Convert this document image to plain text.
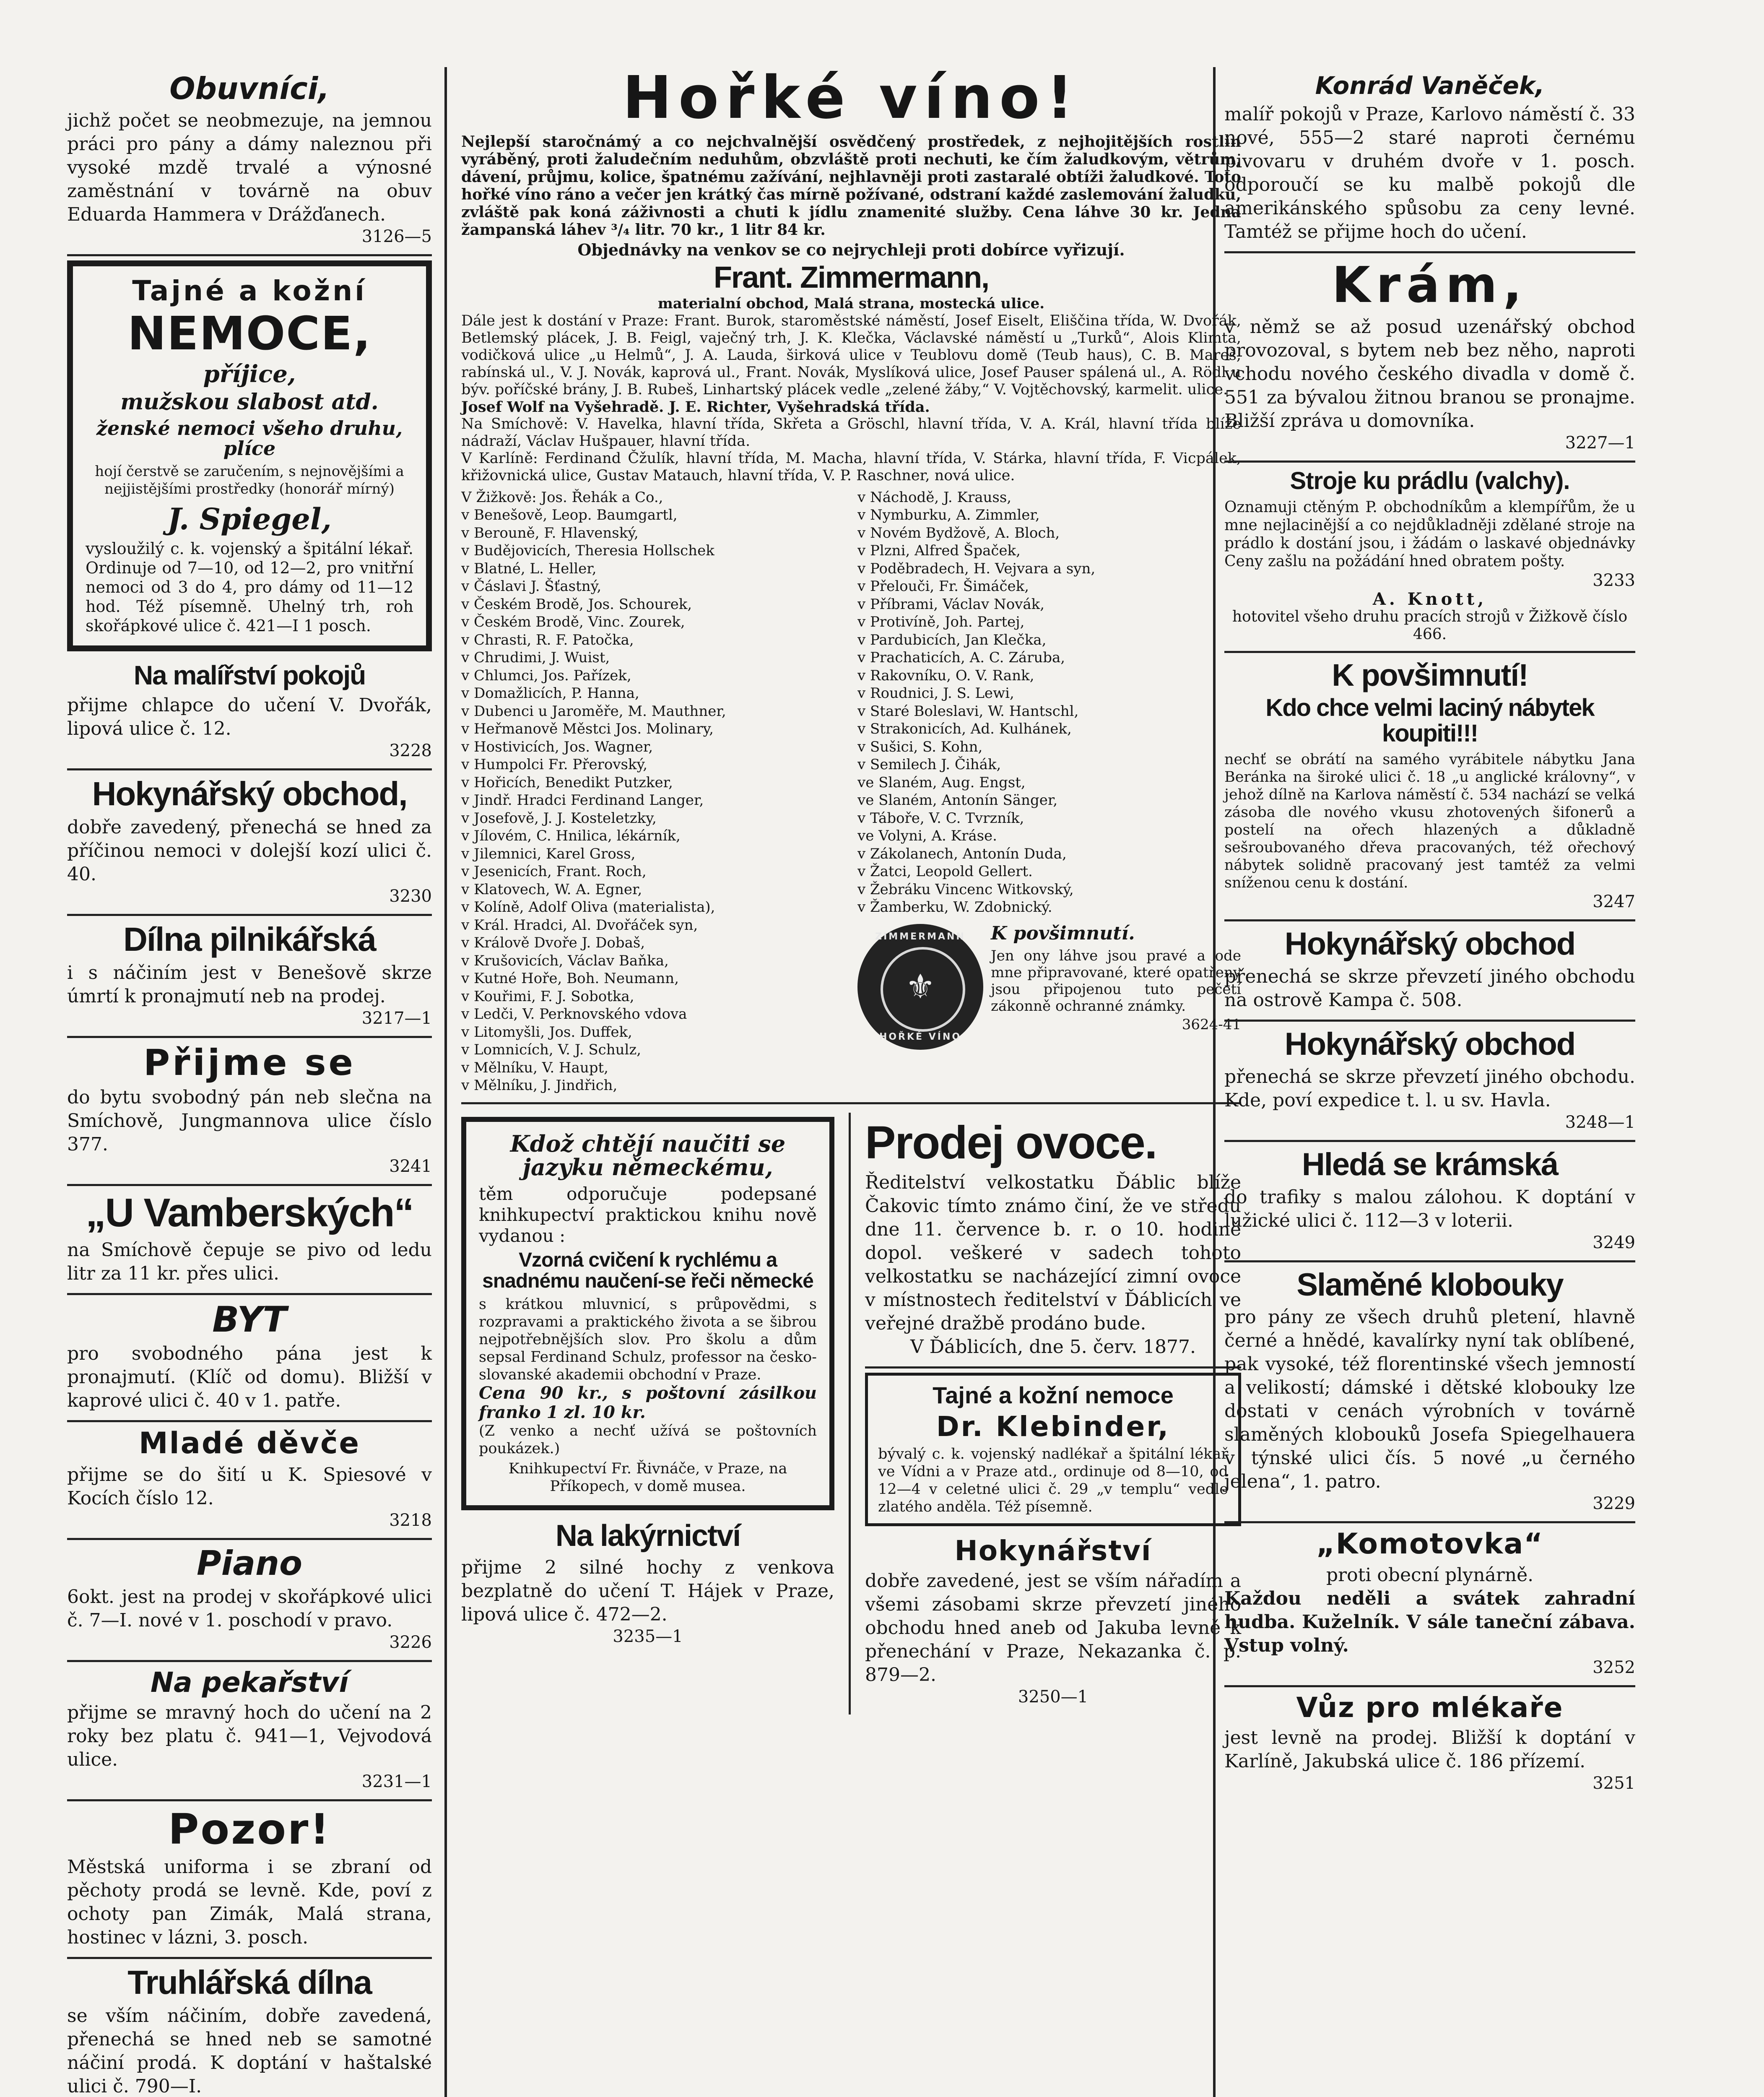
Obuvníci,
jichž počet se neobmezuje, na jemnou práci pro pány a dámy naleznou při vysoké mzdě trvalé a výnosné zaměstnání v továrně na obuv Eduarda Hammera v Drážďanech.
3126—5
Tajné a kožní
NEMOCE,
příjice,
mužskou slabost atd.
ženské nemoci všeho druhu, plíce
hojí čerstvě se zaručením, s nejnovějšími a nejjistějšími prostředky (honorář mírný)
J. Spiegel,
vysloužilý c. k. vojenský a špitální lékař. Ordinuje od 7—10, od 12—2, pro vnitřní nemoci od 3 do 4, pro dámy od 11—12 hod. Též písemně. Uhelný trh, roh skořápkové ulice č. 421—I 1 posch.
Na malířství pokojů
přijme chlapce do učení V. Dvořák, lipová ulice č. 12.
3228
Hokynářský obchod,
dobře zavedený, přenechá se hned za příčinou nemoci v dolejší kozí ulici č. 40.
3230
Dílna pilnikářská
i s náčiním jest v Benešově skrze úmrtí k pronajmutí neb na prodej.
3217—1
Přijme se
do bytu svobodný pán neb slečna na Smíchově, Jungmannova ulice číslo 377.
3241
„U Vamberských“
na Smíchově čepuje se pivo od ledu litr za 11 kr. přes ulici.
BYT
pro svobodného pána jest k pronajmutí. (Klíč od domu). Bližší v kaprové ulici č. 40 v 1. patře.
Mladé děvče
přijme se do šití u K. Spiesové v Kocích číslo 12.
3218
Piano
6okt. jest na prodej v skořápkové ulici č. 7—I. nové v 1. poschodí v pravo.
3226
Na pekařství
přijme se mravný hoch do učení na 2 roky bez platu č. 941—1, Vejvodová ulice.
3231—1
Pozor!
Městská uniforma i se zbraní od pěchoty prodá se levně. Kde, poví z ochoty pan Zimák, Malá strana, hostinec v lázni, 3. posch.
Truhlářská dílna
se vším náčiním, dobře zavedená, přenechá se hned neb se samotné náčiní prodá. K doptání v haštalské ulici č. 790—I.
Hořké víno!
Nejlepší staročnámý a co nejchvalnější osvědčený prostředek, z nejhojitějších rostlin vyráběný, proti žaludečním neduhům, obzvláště proti nechuti, ke čím žaludkovým, větrům, dávení, průjmu, kolice, špatnému zažívání, nejhlavněji proti zastaralé obtíži žaludkové. Toto hořké víno ráno a večer jen krátký čas mírně požívané, odstraní každé zaslemování žaludku, zvláště pak koná záživnosti a chuti k jídlu znamenité služby. Cena láhve 30 kr. Jedna žampanská láhev ³/₄ litr. 70 kr., 1 litr 84 kr.
Objednávky na venkov se co nejrychleji proti dobírce vyřizují.
Frant. Zimmermann,
materialní obchod, Malá strana, mostecká ulice.
Dále jest k dostání v Praze: Frant. Burok, staroměstské náměstí, Josef Eiselt, Eliščina třída, W. Dvořák, Betlemský plácek, J. B. Feigl, vaječný trh, J. K. Klečka, Václavské náměstí u „Turků“, Alois Klimta, vodičková ulice „u Helmů“, J. A. Lauda, širková ulice v Teublovu domě (Teub haus), C. B. Mareš, rabínská ul., V. J. Novák, kaprová ul., Frant. Novák, Myslíková ulice, Josef Pauser spálená ul., A. Rödl u býv. poříčské brány, J. B. Rubeš, Linhartský plácek vedle „zelené žáby,“ V. Vojtěchovský, karmelit. ulice.
Josef Wolf na Vyšehradě. J. E. Richter, Vyšehradská třída.
Na Smíchově: V. Havelka, hlavní třída, Skřeta a Gröschl, hlavní třída, V. A. Král, hlavní třída blíže nádraží, Václav Hušpauer, hlavní třída.
V Karlíně: Ferdinand Čžulík, hlavní třída, M. Macha, hlavní třída, V. Stárka, hlavní třída, F. Vicpálek, křižovnická ulice, Gustav Matauch, hlavní třída, V. P. Raschner, nová ulice.
V Žižkově: Jos. Řehák a Co.,
v Benešově, Leop. Baumgartl,
v Berouně, F. Hlavenský,
v Budějovicích, Theresia Hollschek
v Blatné, L. Heller,
v Čáslavi J. Šťastný,
v Českém Brodě, Jos. Schourek,
v Českém Brodě, Vinc. Zourek,
v Chrasti, R. F. Patočka,
v Chrudimi, J. Wuist,
v Chlumci, Jos. Pařízek,
v Domažlicích, P. Hanna,
v Dubenci u Jaroměře, M. Mauthner,
v Heřmanově Městci Jos. Molinary,
v Hostivicích, Jos. Wagner,
v Humpolci Fr. Přerovský,
v Hořicích, Benedikt Putzker,
v Jindř. Hradci Ferdinand Langer,
v Josefově, J. J. Kosteletzky,
v Jílovém, C. Hnilica, lékárník,
v Jilemnici, Karel Gross,
v Jesenicích, Frant. Roch,
v Klatovech, W. A. Egner,
v Kolíně, Adolf Oliva (materialista),
v Král. Hradci, Al. Dvořáček syn,
v Králově Dvoře J. Dobaš,
v Krušovicích, Václav Baňka,
v Kutné Hoře, Boh. Neumann,
v Kouřimi, F. J. Sobotka,
v Ledči, V. Perknovského vdova
v Litomyšli, Jos. Duffek,
v Lomnicích, V. J. Schulz,
v Mělníku, V. Haupt,
v Mělníku, J. Jindřich,
v Náchodě, J. Krauss,
v Nymburku, A. Zimmler,
v Novém Bydžově, A. Bloch,
v Plzni, Alfred Špaček,
v Poděbradech, H. Vejvara a syn,
v Přelouči, Fr. Šimáček,
v Příbrami, Václav Novák,
v Protivíně, Joh. Partej,
v Pardubicích, Jan Klečka,
v Prachaticích, A. C. Záruba,
v Rakovníku, O. V. Rank,
v Roudnici, J. S. Lewi,
v Staré Boleslavi, W. Hantschl,
v Strakonicích, Ad. Kulhánek,
v Sušici, S. Kohn,
v Semilech J. Čihák,
ve Slaném, Aug. Engst,
ve Slaném, Antonín Sänger,
v Táboře, V. C. Tvrzník,
ve Volyni, A. Kráse.
v Zákolanech, Antonín Duda,
v Žatci, Leopold Gellert.
v Žebráku Vincenc Witkovský,
v Žamberku, W. Zdobnický.
ZIMMERMANN
⚜
HOŘKÉ VÍNO
K povšimnutí.
Jen ony láhve jsou pravé a ode mne připravované, které opatřeny jsou připojenou tuto pečetí zákonně ochranné známky.
3624-41
Kdož chtějí naučiti se jazyku německému,
těm odporučuje podepsané knihkupectví praktickou knihu nově vydanou :
Vzorná cvičení k rychlému a snadnému naučení-se řeči německé
s krátkou mluvnicí, s průpovědmi, s rozpravami a praktického života a se šibrou nejpotřebnějších slov. Pro školu a dům sepsal Ferdinand Schulz, professor na česko-slovanské akademii obchodní v Praze.
Cena 90 kr., s poštovní zásilkou franko 1 zl. 10 kr.
(Z venko a nechť užívá se poštovních poukázek.)
Knihkupectví Fr. Řivnáče, v Praze, na Příkopech, v domě musea.
Na lakýrnictví
přijme 2 silné hochy z venkova bezplatně do učení T. Hájek v Praze, lipová ulice č. 472—2.
3235—1
Prodej ovoce.
Ředitelství velkostatku Ďáblic blíže Čakovic tímto známo činí, že ve středu dne 11. července b. r. o 10. hodině dopol. veškeré v sadech tohoto velkostatku se nacházející zimní ovoce v místnostech ředitelství v Ďáblicích ve veřejné dražbě prodáno bude.
V Ďáblicích, dne 5. červ. 1877.
Tajné a kožní nemoce
Dr. Klebinder,
bývalý c. k. vojenský nadlékař a špitální lékař ve Vídni a v Praze atd., ordinuje od 8—10, od 12—4 v celetné ulici č. 29 „v templu“ vedle zlatého anděla. Též písemně.
Hokynářství
dobře zavedené, jest se vším nářadím a všemi zásobami skrze převzetí jiného obchodu hned aneb od Jakuba levně k přenechání v Praze, Nekazanka č. p. 879—2.
3250—1
Konrád Vaněček,
malíř pokojů v Praze, Karlovo náměstí č. 33 nové, 555—2 staré naproti černému pivovaru v druhém dvoře v 1. posch. odporoučí se ku malbě pokojů dle amerikánského spůsobu za ceny levné. Tamtéž se přijme hoch do učení.
Krám,
v němž se až posud uzenářský obchod provozoval, s bytem neb bez něho, naproti vchodu nového českého divadla v domě č. 551 za bývalou žitnou branou se pronajme. Bližší zpráva u domovníka.
3227—1
Stroje ku prádlu (valchy).
Oznamuji ctěným P. obchodníkům a klempířům, že u mne nejlacinější a co nejdůkladněji zdělané stroje na prádlo k dostání jsou, i žádám o laskavé objednávky Ceny zašlu na požádání hned obratem pošty.
3233
A. Knott,
hotovitel všeho druhu pracích strojů v Žižkově číslo 466.
K povšimnutí!
Kdo chce velmi laciný nábytek koupiti!!!
nechť se obrátí na samého vyrábitele nábytku Jana Beránka na široké ulici č. 18 „u anglické královny“, v jehož dílně na Karlova náměstí č. 534 nachází se velká zásoba dle nového vkusu zhotovených šifonerů a postelí na ořech hlazených a důkladně sešroubovaného dřeva pracovaných, též ořechový nábytek solidně pracovaný jest tamtéž za velmi sníženou cenu k dostání.
3247
Hokynářský obchod
přenechá se skrze převzetí jiného obchodu na ostrově Kampa č. 508.
Hokynářský obchod
přenechá se skrze převzetí jiného obchodu. Kde, poví expedice t. l. u sv. Havla.
3248—1
Hledá se krámská
do trafiky s malou zálohou. K doptání v lužické ulici č. 112—3 v loterii.
3249
Slaměné klobouky
pro pány ze všech druhů pletení, hlavně černé a hnědé, kavalírky nyní tak oblíbené, pak vysoké, též florentinské všech jemností a velikostí; dámské i dětské klobouky lze dostati v cenách výrobních v továrně slaměných klobouků Josefa Spiegelhauera v týnské ulici čís. 5 nové „u černého jelena“, 1. patro.
3229
„Komotovka“
proti obecní plynárně.
Každou neděli a svátek zahradní hudba. Kuželník. V sále taneční zábava. Vstup volný.
3252
Vůz pro mlékaře
jest levně na prodej. Bližší k doptání v Karlíně, Jakubská ulice č. 186 přízemí.
3251
